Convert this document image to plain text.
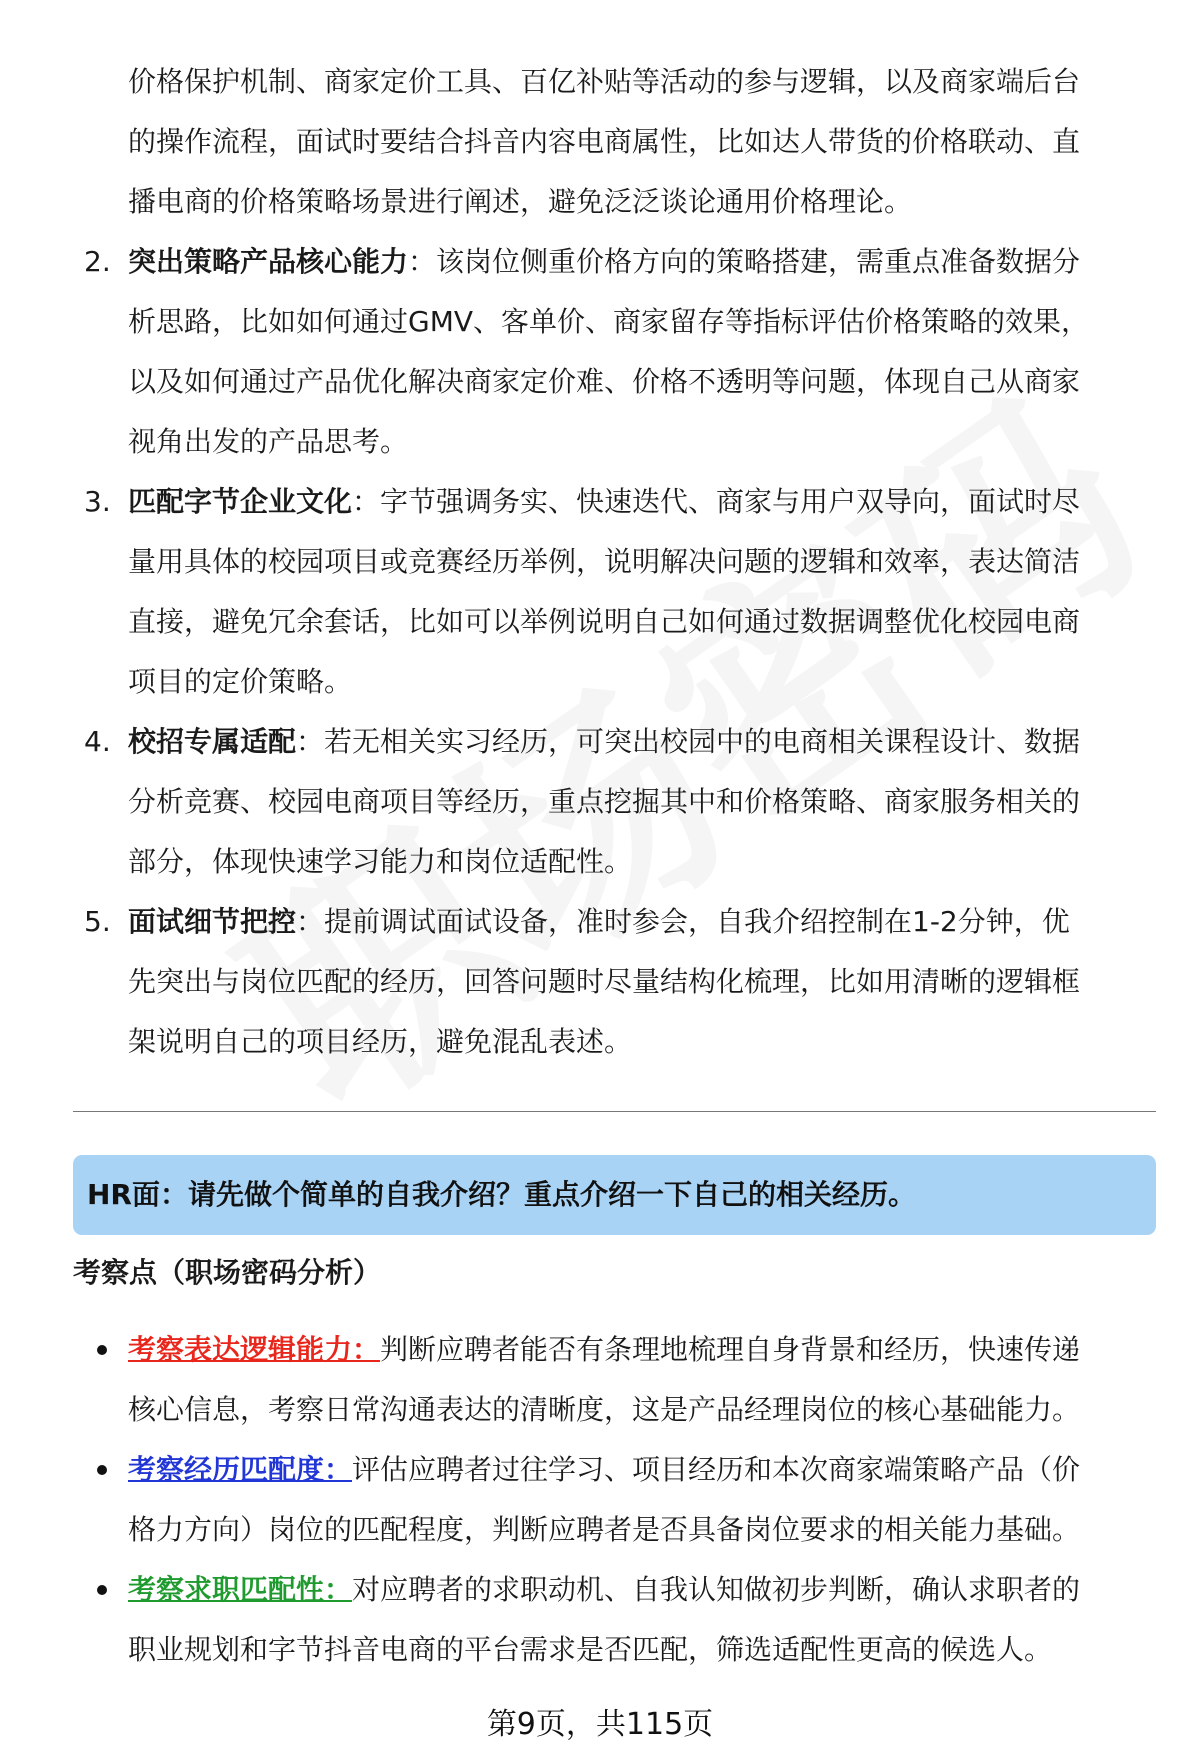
价格保护机制、商家定价工具、百亿补贴等活动的参与逻辑，以及商家端后台
的操作流程，面试时要结合抖音内容电商属性，比如达人带货的价格联动、直
播电商的价格策略场景进行阐述，避免泛泛谈论通用价格理论。
2. 突出策略产品核心能力：该岗位侧重价格方向的策略搭建，需重点准备数据分
析思路，比如如何通过GMV、客单价、商家留存等指标评估价格策略的效果，
以及如何通过产品优化解决商家定价难、价格不透明等问题，体现自己从商家
视角出发的产品思考。
3. 匹配字节企业文化：字节强调务实、快速迭代、商家与用户双导向，面试时尽
量用具体的校园项目或竞赛经历举例，说明解决问题的逻辑和效率，表达简洁
直接，避免冗余套话，比如可以举例说明自己如何通过数据调整优化校园电商
项目的定价策略。
4. 校招专属适配：若无相关实习经历，可突出校园中的电商相关课程设计、数据
分析竞赛、校园电商项目等经历，重点挖掘其中和价格策略、商家服务相关的
部分，体现快速学习能力和岗位适配性。
5. 面试细节把控：提前调试面试设备，准时参会，自我介绍控制在1-2分钟，优
先突出与岗位匹配的经历，回答问题时尽量结构化梳理，比如用清晰的逻辑框
架说明自己的项目经历，避免混乱表述。
HR面：请先做个简单的自我介绍？重点介绍一下自己的相关经历。
考察点（职场密码分析）
考察表达逻辑能力：判断应聘者能否有条理地梳理自身背景和经历，快速传递
核心信息，考察日常沟通表达的清晰度，这是产品经理岗位的核心基础能力。
考察经历匹配度：评估应聘者过往学习、项目经历和本次商家端策略产品（价
格力方向）岗位的匹配程度，判断应聘者是否具备岗位要求的相关能力基础。
考察求职匹配性：对应聘者的求职动机、自我认知做初步判断，确认求职者的
职业规划和字节抖音电商的平台需求是否匹配，筛选适配性更高的候选人。
第9页，共115页
